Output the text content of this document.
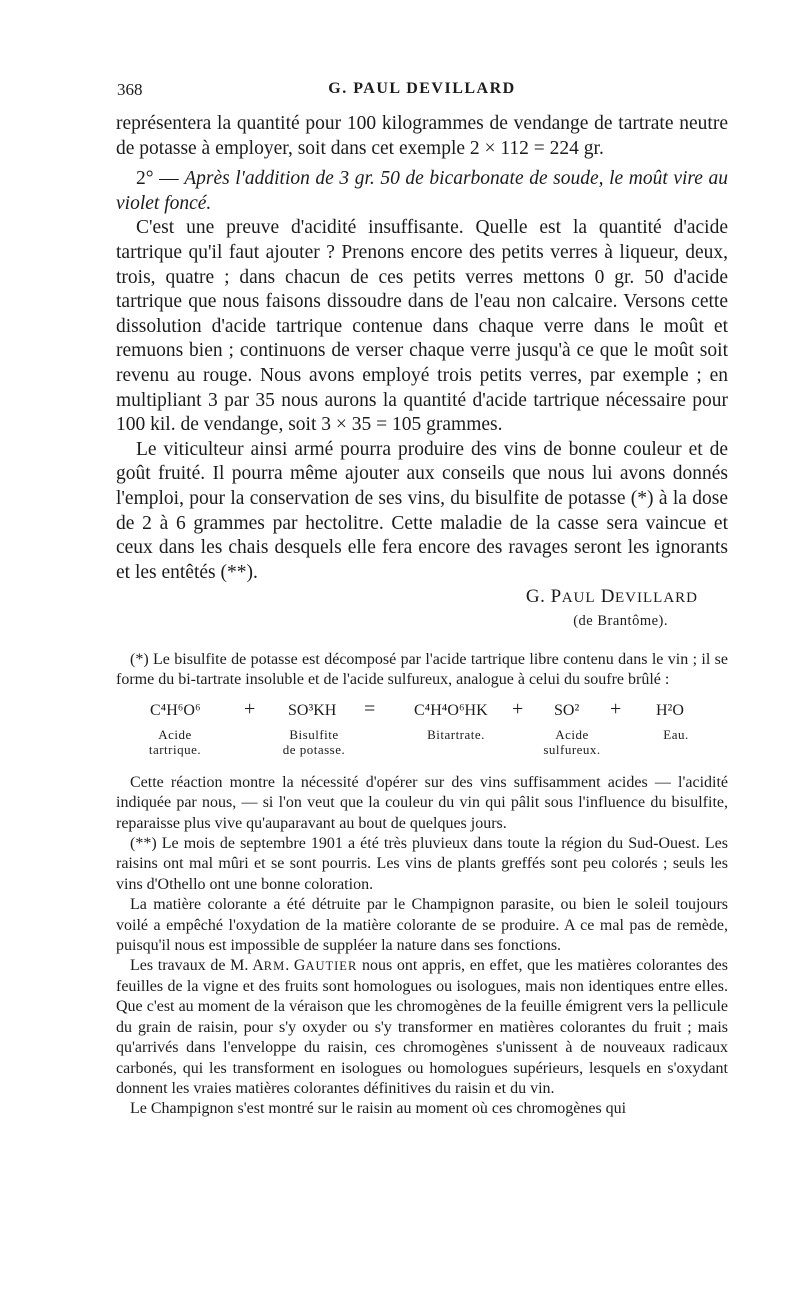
368	G. PAUL DEVILLARD

représentera la quantité pour 100 kilogrammes de vendange de tartrate neutre de potasse à employer, soit dans cet exemple 2 × 112 = 224 gr.

2° — Après l'addition de 3 gr. 50 de bicarbonate de soude, le moût vire au violet foncé.

C'est une preuve d'acidité insuffisante. Quelle est la quantité d'acide tartrique qu'il faut ajouter ? Prenons encore des petits verres à liqueur, deux, trois, quatre ; dans chacun de ces petits verres mettons 0 gr. 50 d'acide tartrique que nous faisons dissoudre dans de l'eau non calcaire. Versons cette dissolution d'acide tartrique contenue dans chaque verre dans le moût et remuons bien ; continuons de verser chaque verre jusqu'à ce que le moût soit revenu au rouge. Nous avons employé trois petits verres, par exemple ; en multipliant 3 par 35 nous aurons la quantité d'acide tartrique nécessaire pour 100 kil. de vendange, soit 3 × 35 = 105 grammes.

Le viticulteur ainsi armé pourra produire des vins de bonne couleur et de goût fruité. Il pourra même ajouter aux conseils que nous lui avons donnés l'emploi, pour la conservation de ses vins, du bisulfite de potasse (*) à la dose de 2 à 6 grammes par hectolitre. Cette maladie de la casse sera vaincue et ceux dans les chais desquels elle fera encore des ravages seront les ignorants et les entêtés (**).

G. PAUL DEVILLARD
(de Brantôme).

(*) Le bisulfite de potasse est décomposé par l'acide tartrique libre contenu dans le vin ; il se forme du bi-tartrate insoluble et de l'acide sulfureux, analogue à celui du soufre brûlé :

C⁴H⁶O⁶ + SO³KH = C⁴H⁴O⁶HK + SO² + H²O
Acide
tartrique.
Bisulfite
de potasse.
Bitartrate.	Acide
sulfureux.
Eau.

Cette réaction montre la nécessité d'opérer sur des vins suffisamment acides — l'acidité indiquée par nous, — si l'on veut que la couleur du vin qui pâlit sous l'influence du bisulfite, reparaisse plus vive qu'auparavant au bout de quelques jours.

(**) Le mois de septembre 1901 a été très pluvieux dans toute la région du Sud-Ouest. Les raisins ont mal mûri et se sont pourris. Les vins de plants greffés sont peu colorés ; seuls les vins d'Othello ont une bonne coloration.

La matière colorante a été détruite par le Champignon parasite, ou bien le soleil toujours voilé a empêché l'oxydation de la matière colorante de se produire. A ce mal pas de remède, puisqu'il nous est impossible de suppléer la nature dans ses fonctions.

Les travaux de M. ARM. GAUTIER nous ont appris, en effet, que les matières colorantes des feuilles de la vigne et des fruits sont homologues ou isologues, mais non identiques entre elles. Que c'est au moment de la véraison que les chromogènes de la feuille émigrent vers la pellicule du grain de raisin, pour s'y oxyder ou s'y transformer en matières colorantes du fruit ; mais qu'arrivés dans l'enveloppe du raisin, ces chromogènes s'unissent à de nouveaux radicaux carbonés, qui les transforment en isologues ou homologues supérieurs, lesquels en s'oxydant donnent les vraies matières colorantes définitives du raisin et du vin.

Le Champignon s'est montré sur le raisin au moment où ces chromogènes qui
